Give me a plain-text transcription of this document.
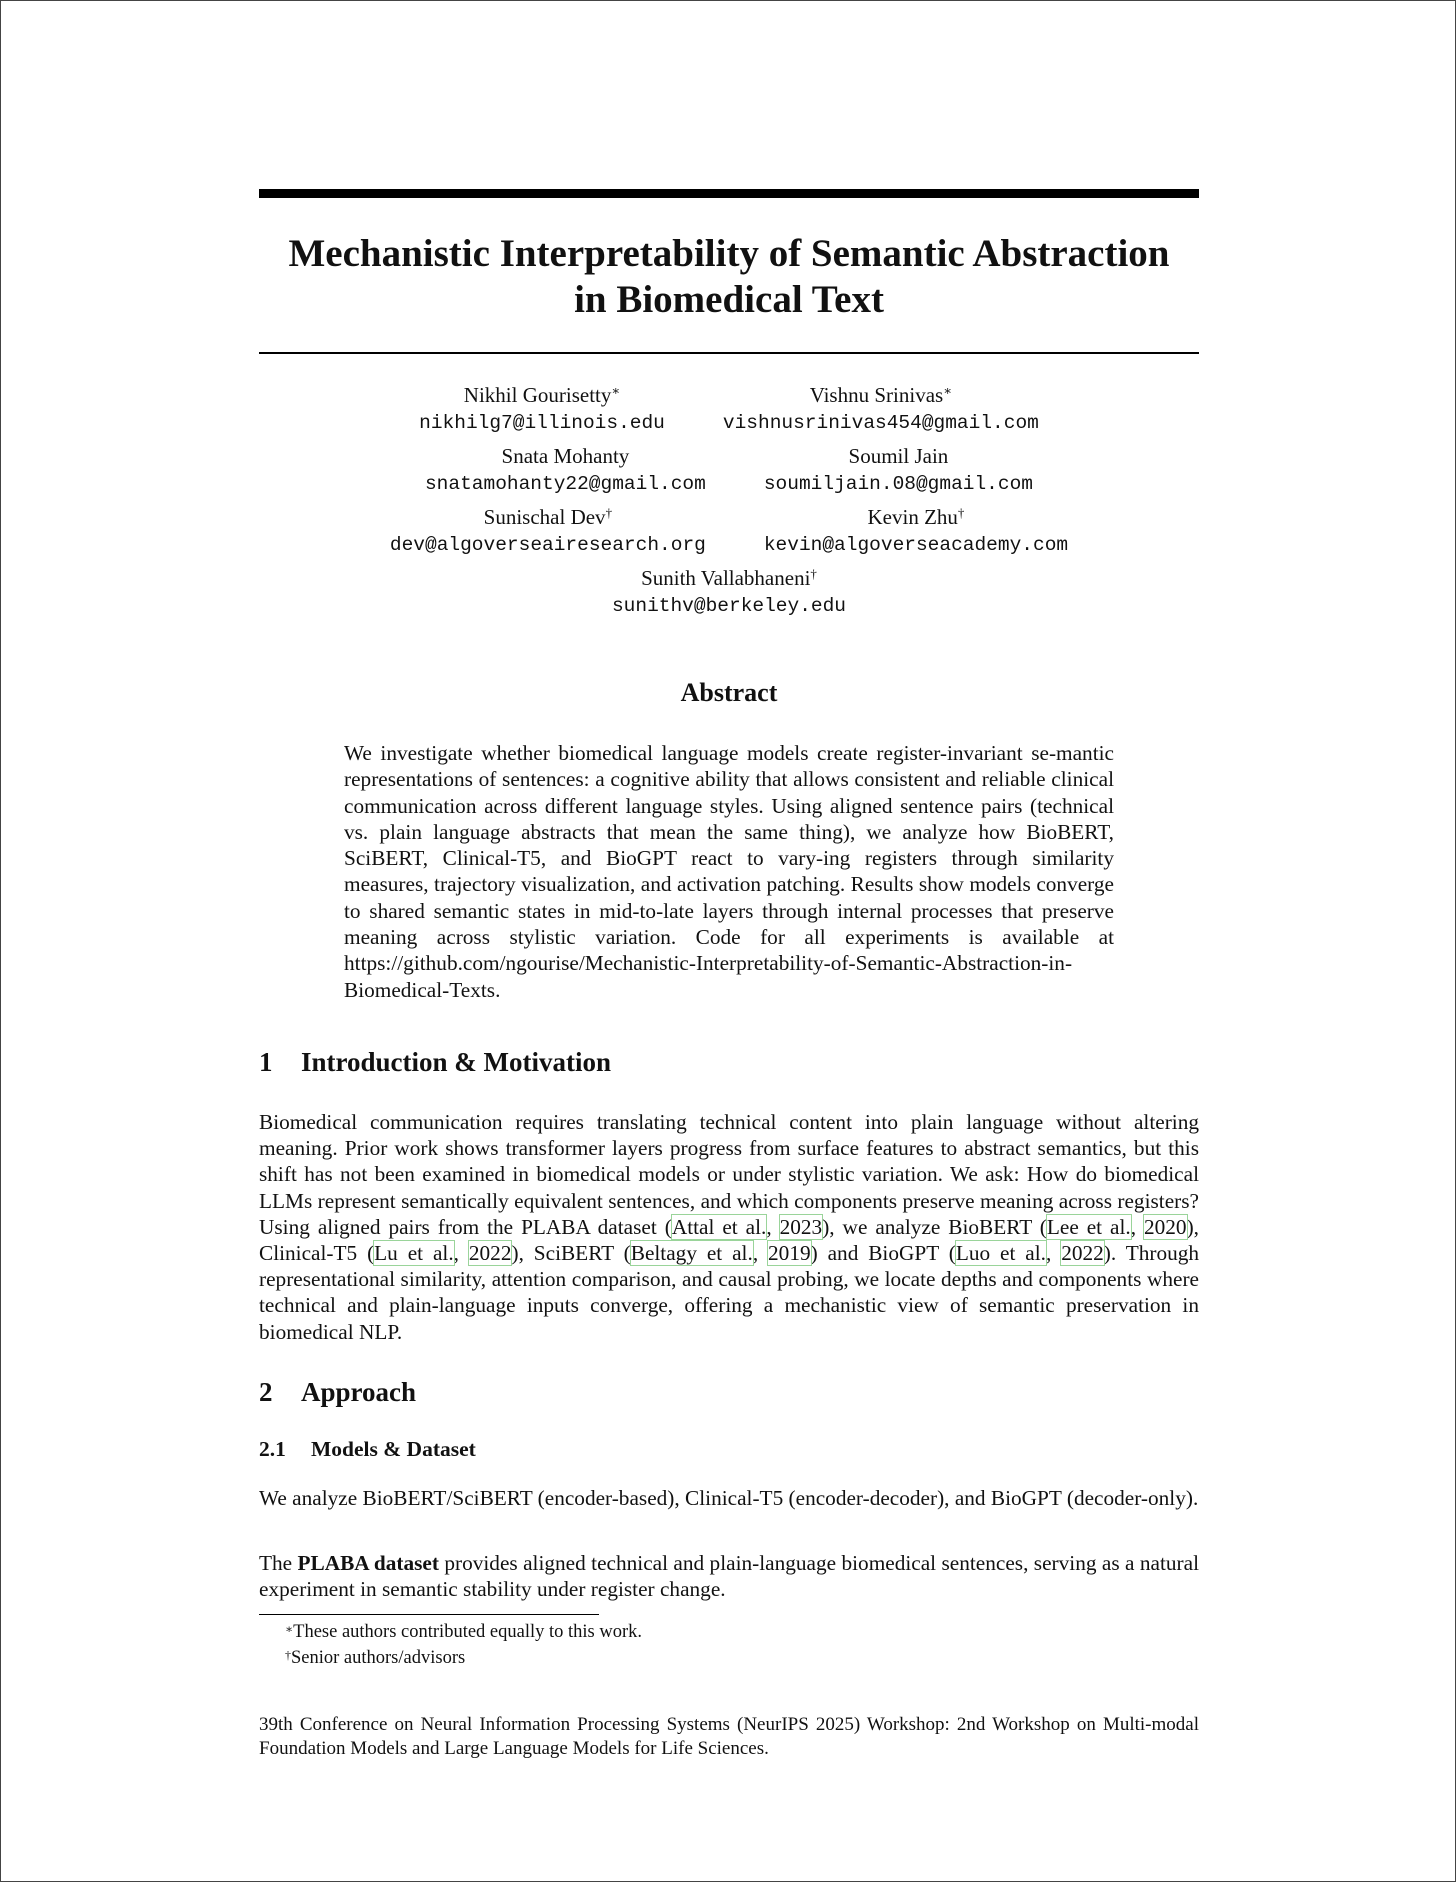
Mechanistic Interpretability of Semantic Abstraction
in Biomedical Text
Nikhil Gourisetty∗
nikhilg7@illinois.edu
Vishnu Srinivas∗
vishnusrinivas454@gmail.com
Snata Mohanty
snatamohanty22@gmail.com
Soumil Jain
soumiljain.08@gmail.com
Sunischal Dev†
dev@algoverseairesearch.org
Kevin Zhu†
kevin@algoverseacademy.com
Sunith Vallabhaneni†
sunithv@berkeley.edu
Abstract
We investigate whether biomedical language models create register-invariant se-mantic representations of sentences: a cognitive ability that allows consistent and reliable clinical communication across different language styles. Using aligned sentence pairs (technical vs. plain language abstracts that mean the same thing), we analyze how BioBERT, SciBERT, Clinical-T5, and BioGPT react to vary-ing registers through similarity measures, trajectory visualization, and activation patching. Results show models converge to shared semantic states in mid-to-late layers through internal processes that preserve meaning across stylistic variation. Code for all experiments is available at https://github.com/ngourise/Mechanistic-Interpretability-of-Semantic-Abstraction-in-Biomedical-Texts.
1 Introduction & Motivation
Biomedical communication requires translating technical content into plain language without altering meaning. Prior work shows transformer layers progress from surface features to abstract semantics, but this shift has not been examined in biomedical models or under stylistic variation. We ask: How do biomedical LLMs represent semantically equivalent sentences, and which components preserve meaning across registers? Using aligned pairs from the PLABA dataset (Attal et al., 2023), we analyze BioBERT (Lee et al., 2020), Clinical-T5 (Lu et al., 2022), SciBERT (Beltagy et al., 2019) and BioGPT (Luo et al., 2022). Through representational similarity, attention comparison, and causal probing, we locate depths and components where technical and plain-language inputs converge, offering a mechanistic view of semantic preservation in biomedical NLP.
2 Approach
2.1 Models & Dataset
We analyze BioBERT/SciBERT (encoder-based), Clinical-T5 (encoder-decoder), and BioGPT (decoder-only).
The PLABA dataset provides aligned technical and plain-language biomedical sentences, serving as a natural experiment in semantic stability under register change.
∗These authors contributed equally to this work.
†Senior authors/advisors
39th Conference on Neural Information Processing Systems (NeurIPS 2025) Workshop: 2nd Workshop on Multi-modal Foundation Models and Large Language Models for Life Sciences.
